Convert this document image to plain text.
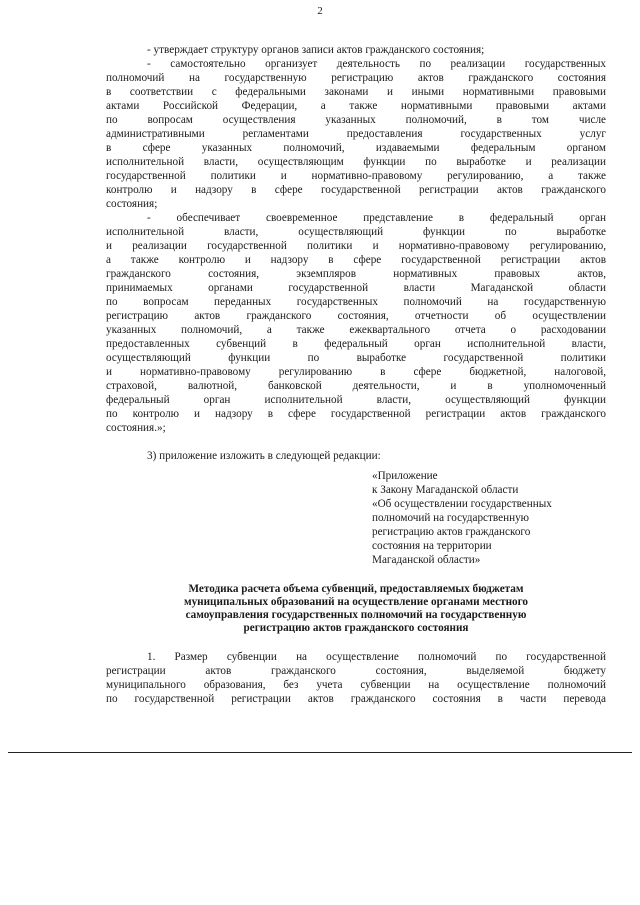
2
- утверждает структуру органов записи актов гражданского состояния;
- самостоятельно организует деятельность по реализации государственных
полномочий на государственную регистрацию актов гражданского состояния
в соответствии с федеральными законами и иными нормативными правовыми
актами Российской Федерации, а также нормативными правовыми актами
по вопросам осуществления указанных полномочий, в том числе
административными регламентами предоставления государственных услуг
в сфере указанных полномочий, издаваемыми федеральным органом
исполнительной власти, осуществляющим функции по выработке и реализации
государственной политики и нормативно-правовому регулированию, а также
контролю и надзору в сфере государственной регистрации актов гражданского
состояния;
- обеспечивает своевременное представление в федеральный орган
исполнительной власти, осуществляющий функции по выработке
и реализации государственной политики и нормативно-правовому регулированию,
а также контролю и надзору в сфере государственной регистрации актов
гражданского состояния, экземпляров нормативных правовых актов,
принимаемых органами государственной власти Магаданской области
по вопросам переданных государственных полномочий на государственную
регистрацию актов гражданского состояния, отчетности об осуществлении
указанных полномочий, а также ежеквартального отчета о расходовании
предоставленных субвенций в федеральный орган исполнительной власти,
осуществляющий функции по выработке государственной политики
и нормативно-правовому регулированию в сфере бюджетной, налоговой,
страховой, валютной, банковской деятельности, и в уполномоченный
федеральный орган исполнительной власти, осуществляющий функции
по контролю и надзору в сфере государственной регистрации актов гражданского
состояния.»;
3) приложение изложить в следующей редакции:
«Приложение
к Закону Магаданской области
«Об осуществлении государственных
полномочий на государственную
регистрацию актов гражданского
состояния на территории
Магаданской области»
Методика расчета объема субвенций, предоставляемых бюджетам
муниципальных образований на осуществление органами местного
самоуправления государственных полномочий на государственную
регистрацию актов гражданского состояния
1. Размер субвенции на осуществление полномочий по государственной
регистрации актов гражданского состояния, выделяемой бюджету
муниципального образования, без учета субвенции на осуществление полномочий
по государственной регистрации актов гражданского состояния в части перевода
